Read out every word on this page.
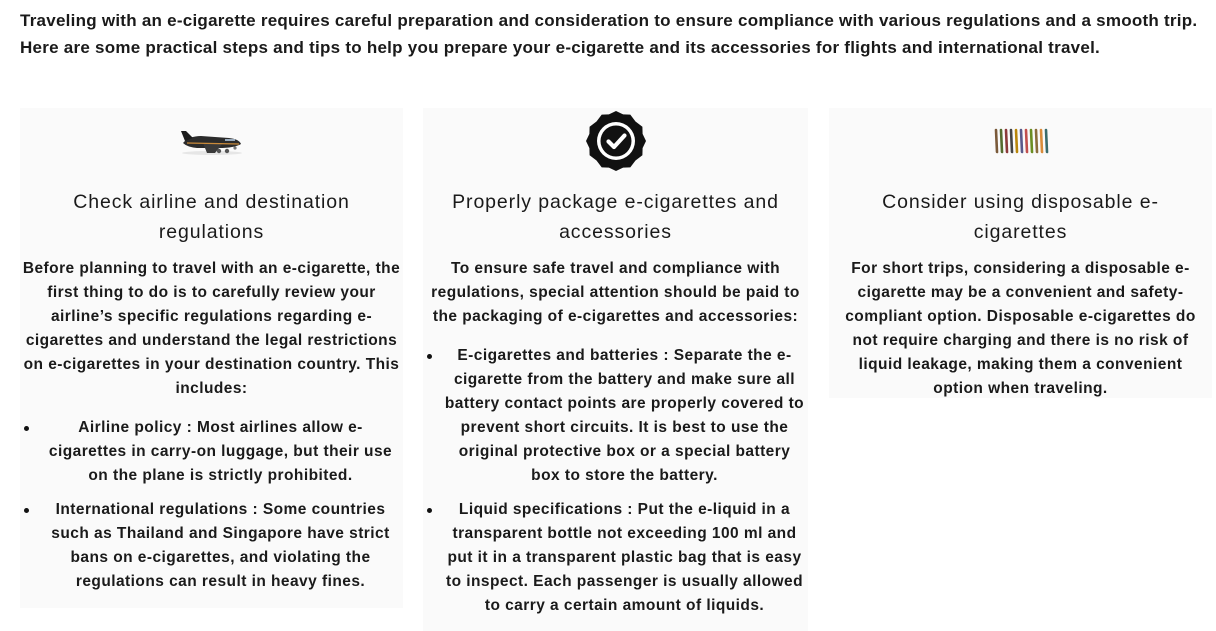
Traveling with an e-cigarette requires careful preparation and consideration to ensure compliance with various regulations and a smooth trip. Here are some practical steps and tips to help you prepare your e-cigarette and its accessories for flights and international travel.

Check airline and destination regulations

Before planning to travel with an e-cigarette, the first thing to do is to carefully review your airline’s specific regulations regarding e-cigarettes and understand the legal restrictions on e-cigarettes in your destination country. This includes:

Airline policy : Most airlines allow e-cigarettes in carry-on luggage, but their use on the plane is strictly prohibited.
International regulations : Some countries such as Thailand and Singapore have strict bans on e-cigarettes, and violating the regulations can result in heavy fines.
Properly package e-cigarettes and accessories

To ensure safe travel and compliance with regulations, special attention should be paid to the packaging of e-cigarettes and accessories:

E-cigarettes and batteries : Separate the e-cigarette from the battery and make sure all battery contact points are properly covered to prevent short circuits. It is best to use the original protective box or a special battery box to store the battery.
Liquid specifications : Put the e-liquid in a transparent bottle not exceeding 100 ml and put it in a transparent plastic bag that is easy to inspect. Each passenger is usually allowed to carry a certain amount of liquids.
Consider using disposable e-cigarettes

For short trips, considering a disposable e-cigarette may be a convenient and safety-compliant option. Disposable e-cigarettes do not require charging and there is no risk of liquid leakage, making them a convenient option when traveling.
